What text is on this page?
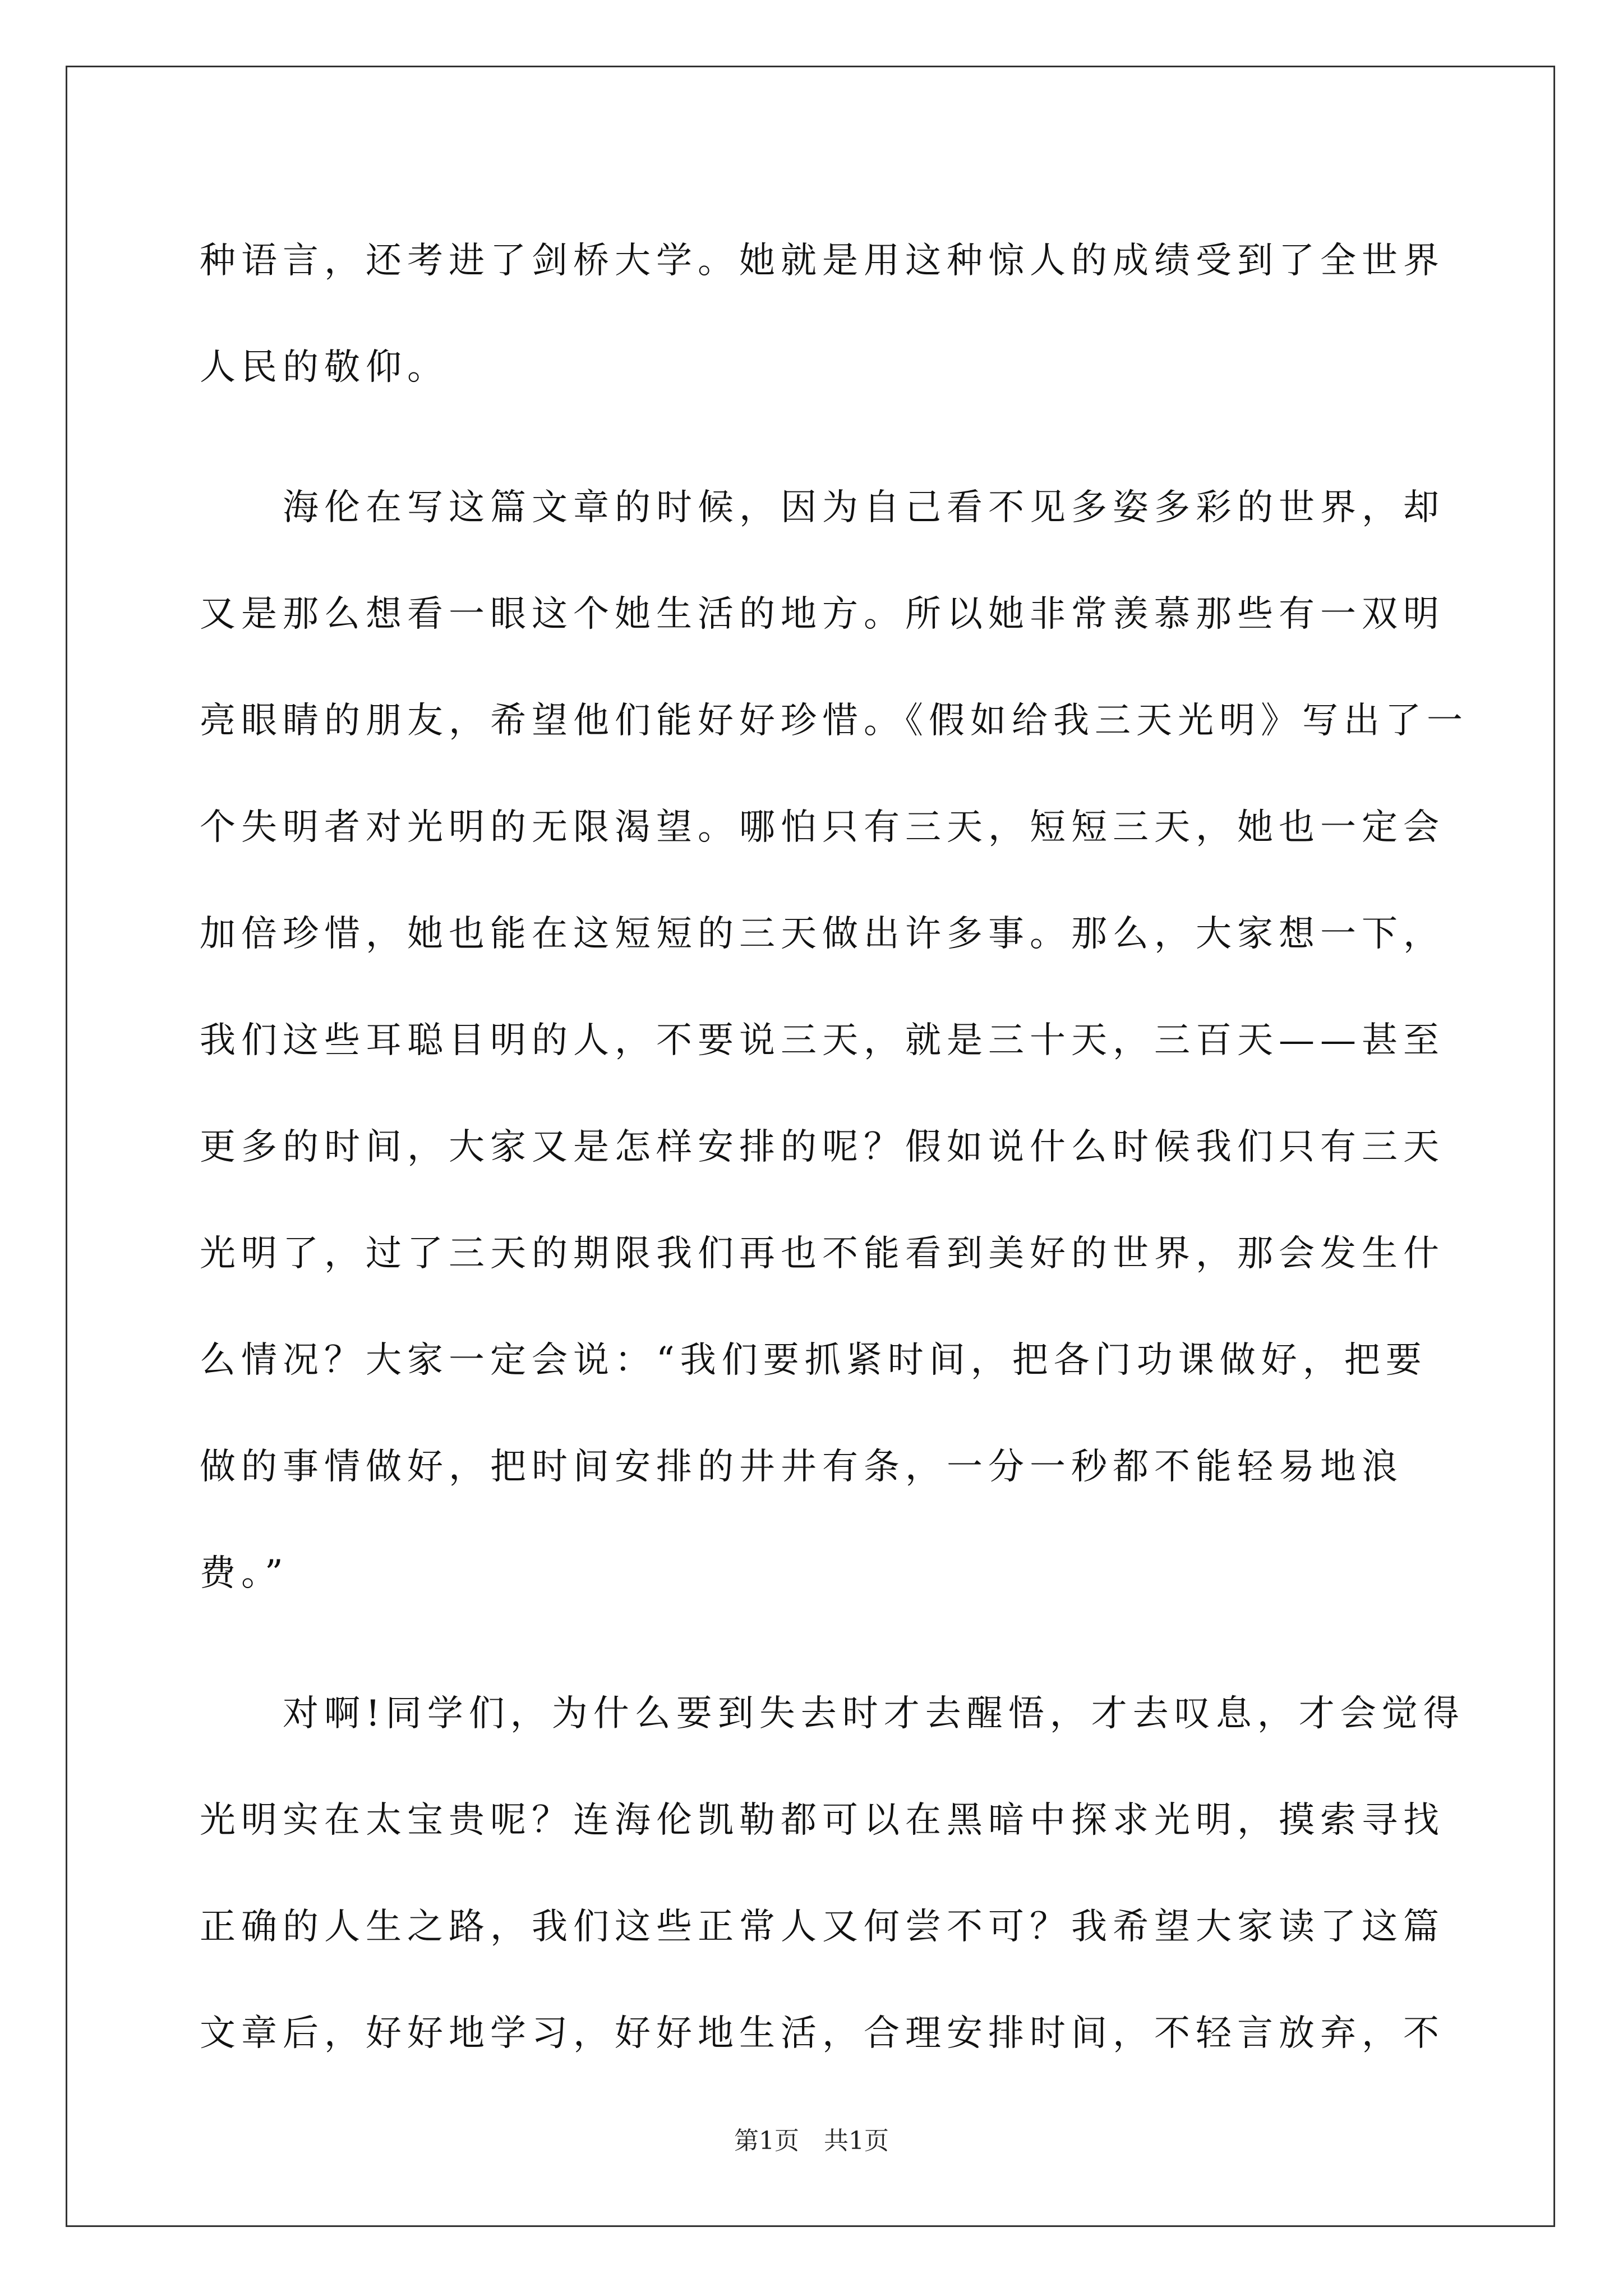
种语言，还考进了剑桥大学。她就是用这种惊人的成绩受到了全世界
人民的敬仰。
　　海伦在写这篇文章的时候，因为自己看不见多姿多彩的世界，却
又是那么想看一眼这个她生活的地方。所以她非常羡慕那些有一双明
亮眼睛的朋友，希望他们能好好珍惜。《假如给我三天光明》写出了一
个失明者对光明的无限渴望。哪怕只有三天，短短三天，她也一定会
加倍珍惜，她也能在这短短的三天做出许多事。那么，大家想一下，
我们这些耳聪目明的人，不要说三天，就是三十天，三百天——甚至
更多的时间，大家又是怎样安排的呢？假如说什么时候我们只有三天
光明了，过了三天的期限我们再也不能看到美好的世界，那会发生什
么情况？大家一定会说：“我们要抓紧时间，把各门功课做好，把要
做的事情做好，把时间安排的井井有条，一分一秒都不能轻易地浪
费。”
　　对啊!同学们，为什么要到失去时才去醒悟，才去叹息，才会觉得
光明实在太宝贵呢？连海伦凯勒都可以在黑暗中探求光明，摸索寻找
正确的人生之路，我们这些正常人又何尝不可？我希望大家读了这篇
文章后，好好地学习，好好地生活，合理安排时间，不轻言放弃，不
第1页 共1页
